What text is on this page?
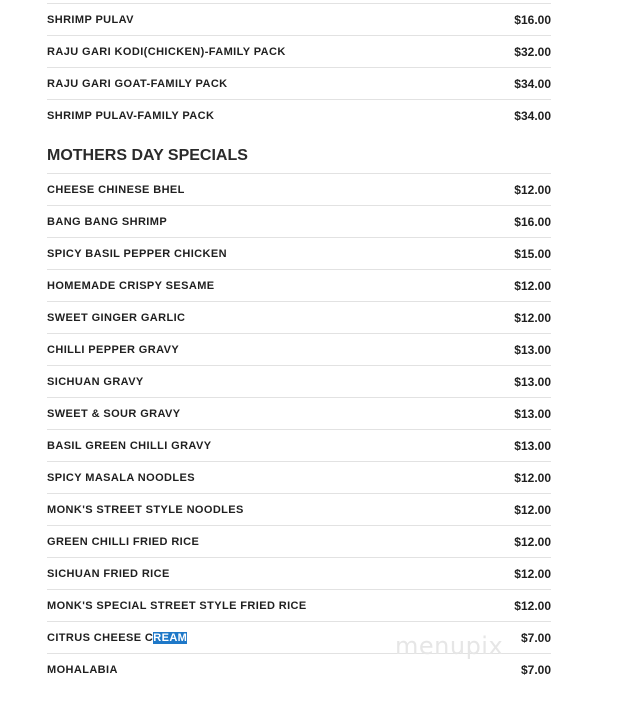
SHRIMP PULAV	$16.00
RAJU GARI KODI(CHICKEN)-FAMILY PACK	$32.00
RAJU GARI GOAT-FAMILY PACK	$34.00
SHRIMP PULAV-FAMILY PACK	$34.00
MOTHERS DAY SPECIALS
CHEESE CHINESE BHEL	$12.00
BANG BANG SHRIMP	$16.00
SPICY BASIL PEPPER CHICKEN	$15.00
HOMEMADE CRISPY SESAME	$12.00
SWEET GINGER GARLIC	$12.00
CHILLI PEPPER GRAVY	$13.00
SICHUAN GRAVY	$13.00
SWEET & SOUR GRAVY	$13.00
BASIL GREEN CHILLI GRAVY	$13.00
SPICY MASALA NOODLES	$12.00
MONK'S STREET STYLE NOODLES	$12.00
GREEN CHILLI FRIED RICE	$12.00
SICHUAN FRIED RICE	$12.00
MONK'S SPECIAL STREET STYLE FRIED RICE	$12.00
CITRUS CHEESE CREAM	$7.00
MOHALABIA	$7.00
menupix
